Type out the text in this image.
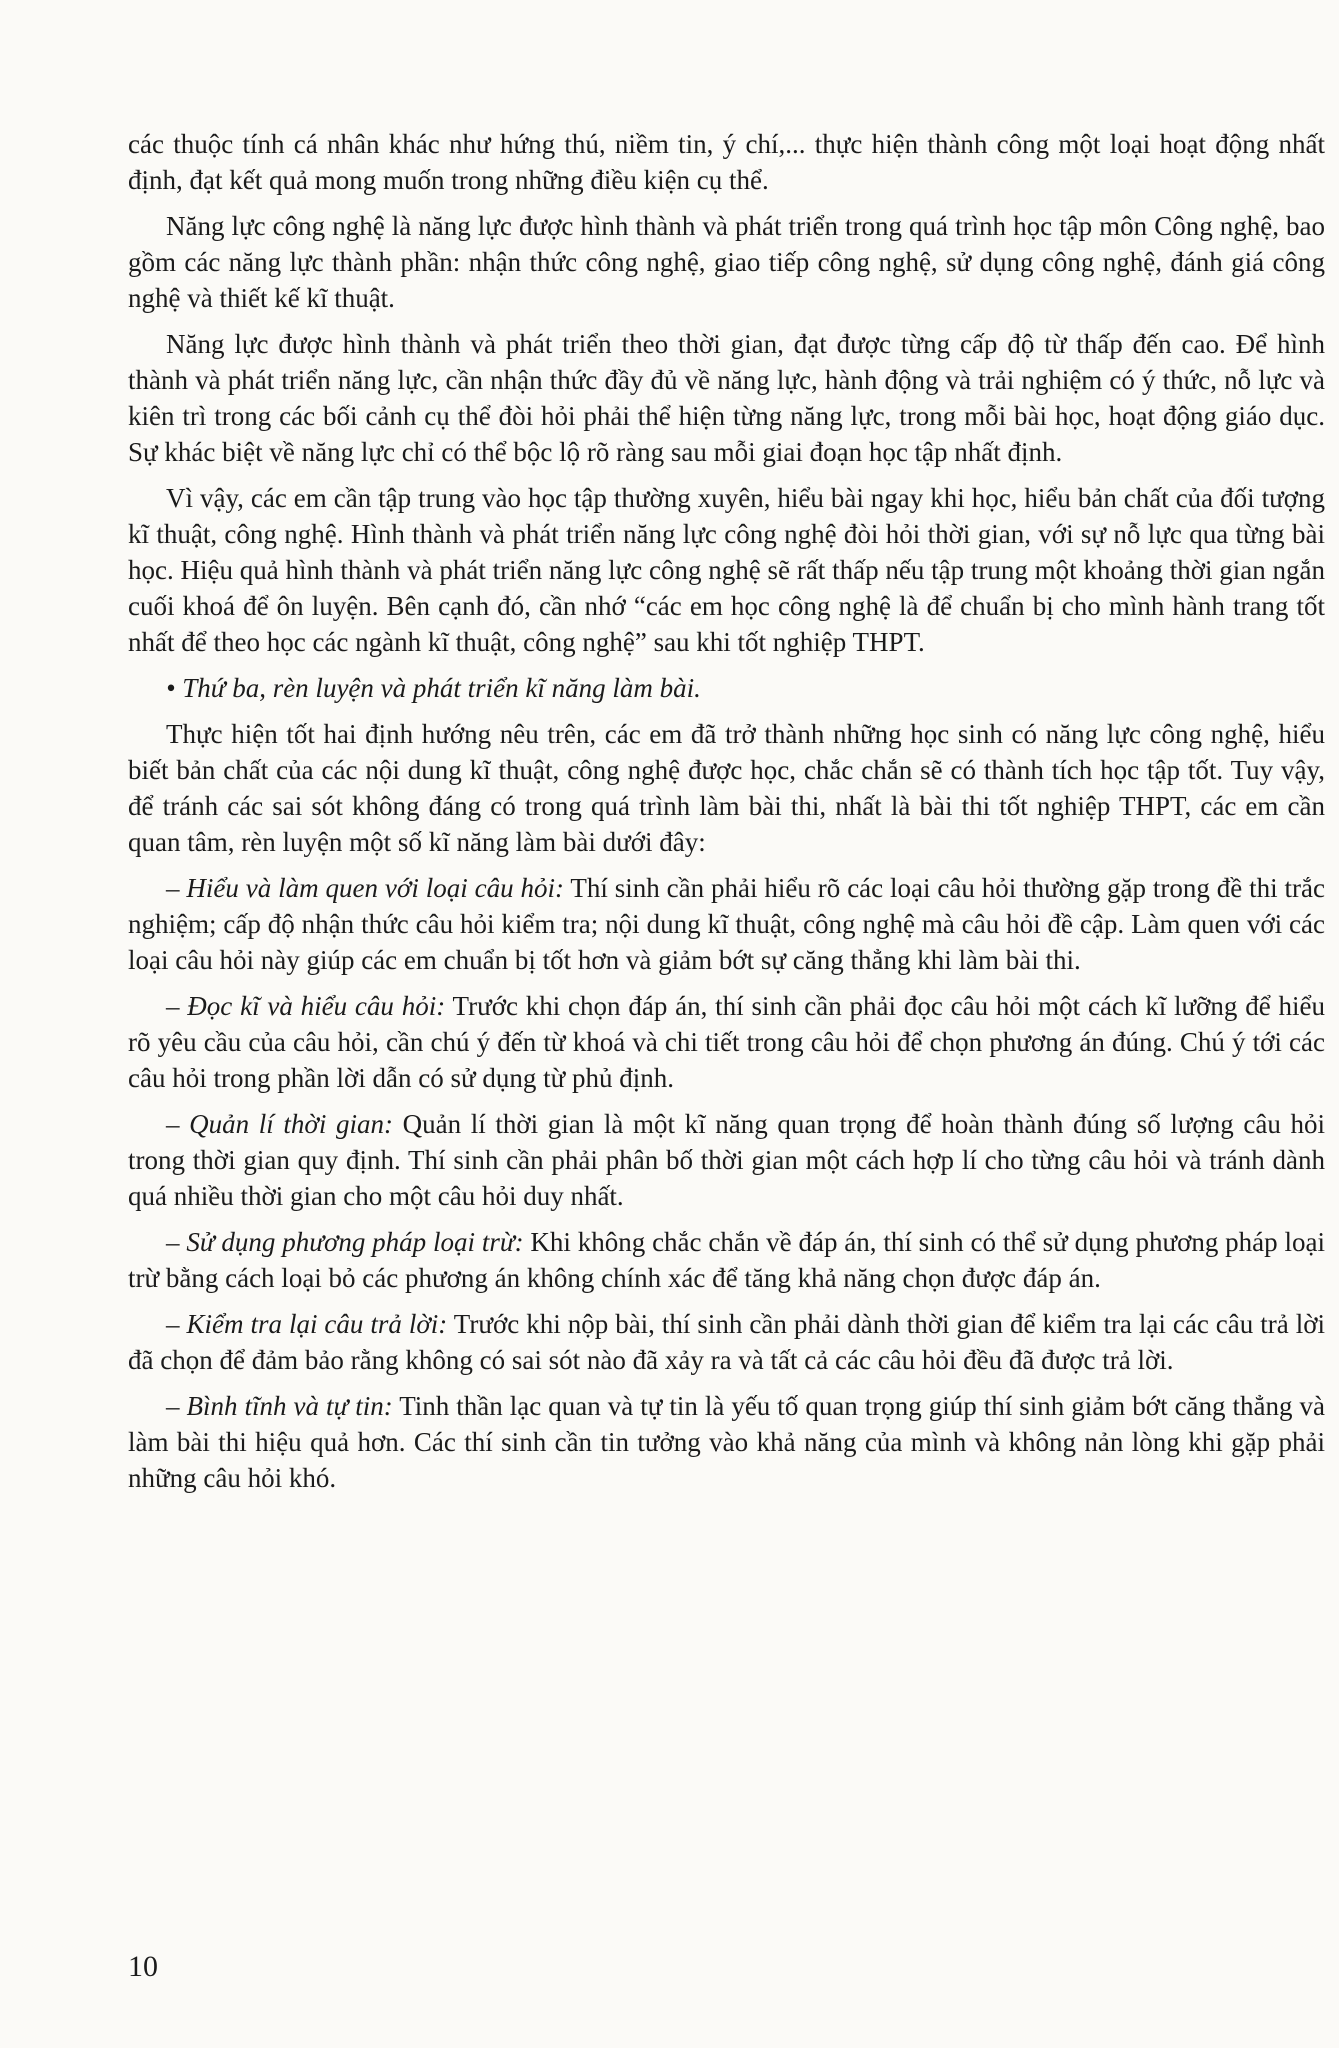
các thuộc tính cá nhân khác như hứng thú, niềm tin, ý chí,... thực hiện thành công một loại hoạt động nhất định, đạt kết quả mong muốn trong những điều kiện cụ thể.

Năng lực công nghệ là năng lực được hình thành và phát triển trong quá trình học tập môn Công nghệ, bao gồm các năng lực thành phần: nhận thức công nghệ, giao tiếp công nghệ, sử dụng công nghệ, đánh giá công nghệ và thiết kế kĩ thuật.

Năng lực được hình thành và phát triển theo thời gian, đạt được từng cấp độ từ thấp đến cao. Để hình thành và phát triển năng lực, cần nhận thức đầy đủ về năng lực, hành động và trải nghiệm có ý thức, nỗ lực và kiên trì trong các bối cảnh cụ thể đòi hỏi phải thể hiện từng năng lực, trong mỗi bài học, hoạt động giáo dục. Sự khác biệt về năng lực chỉ có thể bộc lộ rõ ràng sau mỗi giai đoạn học tập nhất định.

Vì vậy, các em cần tập trung vào học tập thường xuyên, hiểu bài ngay khi học, hiểu bản chất của đối tượng kĩ thuật, công nghệ. Hình thành và phát triển năng lực công nghệ đòi hỏi thời gian, với sự nỗ lực qua từng bài học. Hiệu quả hình thành và phát triển năng lực công nghệ sẽ rất thấp nếu tập trung một khoảng thời gian ngắn cuối khoá để ôn luyện. Bên cạnh đó, cần nhớ “các em học công nghệ là để chuẩn bị cho mình hành trang tốt nhất để theo học các ngành kĩ thuật, công nghệ” sau khi tốt nghiệp THPT.

• Thứ ba, rèn luyện và phát triển kĩ năng làm bài.

Thực hiện tốt hai định hướng nêu trên, các em đã trở thành những học sinh có năng lực công nghệ, hiểu biết bản chất của các nội dung kĩ thuật, công nghệ được học, chắc chắn sẽ có thành tích học tập tốt. Tuy vậy, để tránh các sai sót không đáng có trong quá trình làm bài thi, nhất là bài thi tốt nghiệp THPT, các em cần quan tâm, rèn luyện một số kĩ năng làm bài dưới đây:

– Hiểu và làm quen với loại câu hỏi: Thí sinh cần phải hiểu rõ các loại câu hỏi thường gặp trong đề thi trắc nghiệm; cấp độ nhận thức câu hỏi kiểm tra; nội dung kĩ thuật, công nghệ mà câu hỏi đề cập. Làm quen với các loại câu hỏi này giúp các em chuẩn bị tốt hơn và giảm bớt sự căng thẳng khi làm bài thi.

– Đọc kĩ và hiểu câu hỏi: Trước khi chọn đáp án, thí sinh cần phải đọc câu hỏi một cách kĩ lưỡng để hiểu rõ yêu cầu của câu hỏi, cần chú ý đến từ khoá và chi tiết trong câu hỏi để chọn phương án đúng. Chú ý tới các câu hỏi trong phần lời dẫn có sử dụng từ phủ định.

– Quản lí thời gian: Quản lí thời gian là một kĩ năng quan trọng để hoàn thành đúng số lượng câu hỏi trong thời gian quy định. Thí sinh cần phải phân bố thời gian một cách hợp lí cho từng câu hỏi và tránh dành quá nhiều thời gian cho một câu hỏi duy nhất.

– Sử dụng phương pháp loại trừ: Khi không chắc chắn về đáp án, thí sinh có thể sử dụng phương pháp loại trừ bằng cách loại bỏ các phương án không chính xác để tăng khả năng chọn được đáp án.

– Kiểm tra lại câu trả lời: Trước khi nộp bài, thí sinh cần phải dành thời gian để kiểm tra lại các câu trả lời đã chọn để đảm bảo rằng không có sai sót nào đã xảy ra và tất cả các câu hỏi đều đã được trả lời.

– Bình tĩnh và tự tin: Tinh thần lạc quan và tự tin là yếu tố quan trọng giúp thí sinh giảm bớt căng thẳng và làm bài thi hiệu quả hơn. Các thí sinh cần tin tưởng vào khả năng của mình và không nản lòng khi gặp phải những câu hỏi khó.

10
